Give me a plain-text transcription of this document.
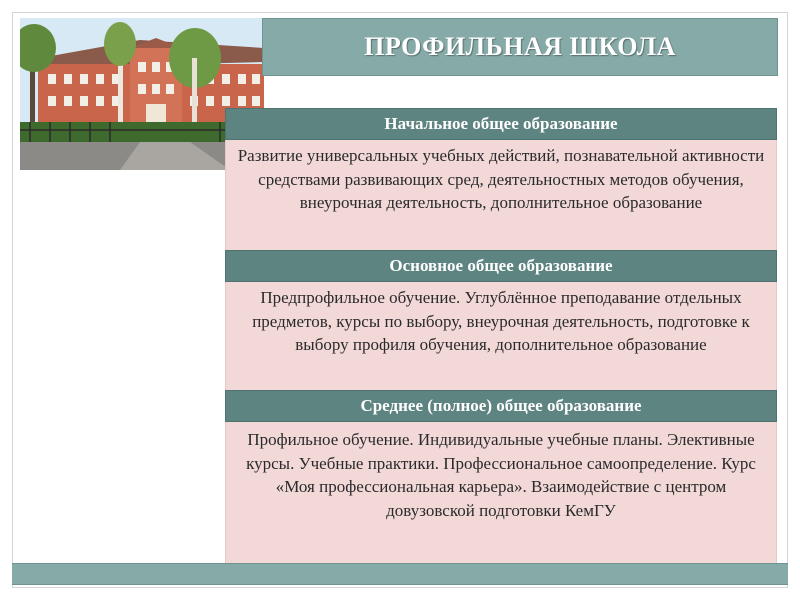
ПРОФИЛЬНАЯ ШКОЛА
Начальное общее образование
Развитие универсальных учебных действий, познавательной активности средствами развивающих сред, деятельностных методов обучения, внеурочная деятельность, дополнительное образование
Основное общее образование
Предпрофильное обучение. Углублённое преподавание отдельных предметов, курсы по выбору, внеурочная деятельность, подготовке к выбору профиля обучения, дополнительное образование
Среднее (полное) общее образование
Профильное обучение. Индивидуальные учебные планы. Элективные курсы. Учебные практики. Профессиональное самоопределение. Курс «Моя профессиональная карьера». Взаимодействие с центром довузовской подготовки КемГУ
